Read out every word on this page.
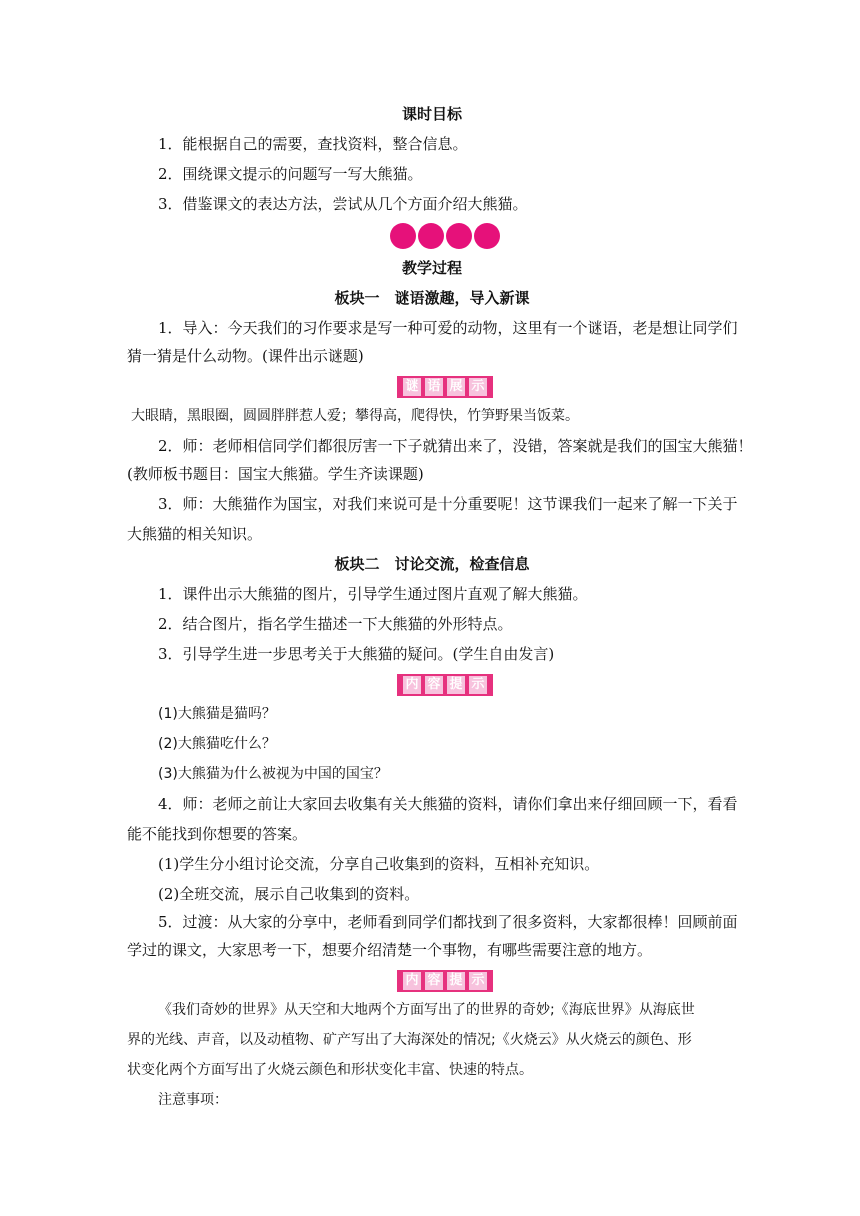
课时目标
1．能根据自己的需要，查找资料，整合信息。
2．围绕课文提示的问题写一写大熊猫。
3．借鉴课文的表达方法，尝试从几个方面介绍大熊猫。
教学过程
板块一　谜语激趣，导入新课
1．导入：今天我们的习作要求是写一种可爱的动物，这里有一个谜语，老是想让同学们
猜一猜是什么动物。(课件出示谜题)
谜 语 展 示
大眼睛，黑眼圈，圆圆胖胖惹人爱；攀得高，爬得快，竹笋野果当饭菜。
2．师：老师相信同学们都很厉害一下子就猜出来了，没错，答案就是我们的国宝大熊猫！
(教师板书题目：国宝大熊猫。学生齐读课题)
3．师：大熊猫作为国宝，对我们来说可是十分重要呢！这节课我们一起来了解一下关于
大熊猫的相关知识。
板块二　讨论交流，检查信息
1．课件出示大熊猫的图片，引导学生通过图片直观了解大熊猫。
2．结合图片，指名学生描述一下大熊猫的外形特点。
3．引导学生进一步思考关于大熊猫的疑问。(学生自由发言)
内 容 提 示
(1)大熊猫是猫吗？
(2)大熊猫吃什么？
(3)大熊猫为什么被视为中国的国宝？
4．师：老师之前让大家回去收集有关大熊猫的资料，请你们拿出来仔细回顾一下，看看
能不能找到你想要的答案。
(1)学生分小组讨论交流，分享自己收集到的资料，互相补充知识。
(2)全班交流，展示自己收集到的资料。
5．过渡：从大家的分享中，老师看到同学们都找到了很多资料，大家都很棒！回顾前面
学过的课文，大家思考一下，想要介绍清楚一个事物，有哪些需要注意的地方。
内 容 提 示
《我们奇妙的世界》从天空和大地两个方面写出了的世界的奇妙;《海底世界》从海底世
界的光线、声音，以及动植物、矿产写出了大海深处的情况;《火烧云》从火烧云的颜色、形
状变化两个方面写出了火烧云颜色和形状变化丰富、快速的特点。
注意事项：
